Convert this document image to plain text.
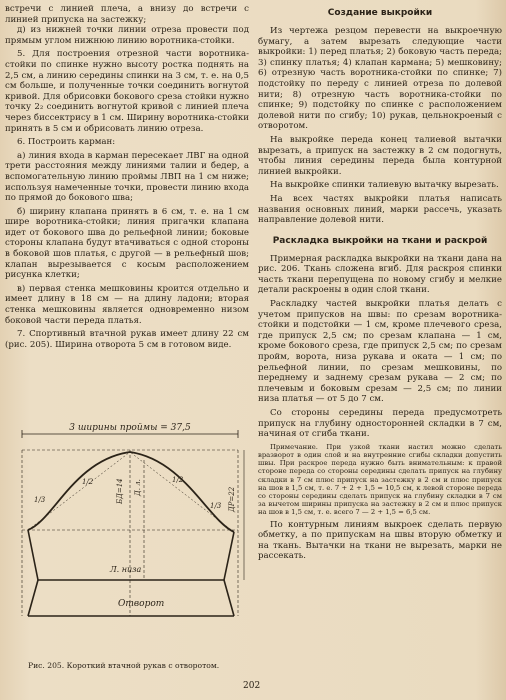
встречи с линией плеча, а внизу до встречи с линией припуска на застежку;

д) из нижней точки линии отреза провести под прямым углом нижнюю линию воротника-стойки.

5. Для построения отрезной части воротника-стойки по спинке нужно высоту ростка поднять на 2,5 см, а линию середины спинки на 3 см, т. е. на 0,5 см больше, и полученные точки соединить вогнутой кривой. Для обрисовки бокового среза стойки нужно точку 2₂ соединить вогнутой кривой с линией плеча через биссектрису в 1 см. Ширину воротника-стойки принять в 5 см и обрисовать линию отреза.

6. Построить карман:

а) линия входа в карман пересекает ЛВГ на одной трети расстояния между линиями талии и бедер, а вспомогательную линию проймы ЛВП на 1 см ниже; используя намеченные точки, провести линию входа по прямой до бокового шва;

б) ширину клапана принять в 6 см, т. е. на 1 см шире воротника-стойки; линия пригачки клапана идет от бокового шва до рельефной линии; боковые стороны клапана будут втачиваться с одной стороны в боковой шов платья, с другой — в рельефный шов; клапан вырезывается с косым расположением рисунка клетки;

в) первая стенка мешковины кроится отдельно и имеет длину в 18 см — на длину ладони; вторая стенка мешковины является одновременно низом боковой части переда платья.

7. Спортивный втачной рукав имеет длину 22 см (рис. 205). Ширина отворота 5 см в готовом виде.

3 ширины проймы = 37,5
Л. низа
Отворот
БД=14 Д. л.	ДР=22
1/3
1/3
1/2	1/2
Рис. 205. Короткий втачной рукав с отворотом.
Создание выкройки

Из чертежа резцом перевести на выкроечную бумагу, а затем вырезать следующие части выкройки: 1) перед платья; 2) боковую часть переда; 3) спинку платья; 4) клапан кармана; 5) мешковину; 6) отрезную часть воротника-стойки по спинке; 7) подстойку по переду с линией отреза по долевой нити; 8) отрезную часть воротника-стойки по спинке; 9) подстойку по спинке с расположением долевой нити по сгибу; 10) рукав, цельнокроеный с отворотом.

На выкройке переда конец талиевой вытачки вырезать, а припуск на застежку в 2 см подогнуть, чтобы линия середины переда была контурной линией выкройки.

На выкройке спинки талиевую вытачку вырезать.

На всех частях выкройки платья написать названия основных линий, марки рассечь, указать направление долевой нити.

Раскладка выкройки на ткани и раскрой

Примерная раскладка выкройки на ткани дана на рис. 206. Ткань сложена вгиб. Для раскроя спинки часть ткани перепущена по новому сгибу и мелкие детали раскроены в один слой ткани.

Раскладку частей выкройки платья делать с учетом припусков на швы: по срезам воротника-стойки и подстойки — 1 см, кроме плечевого среза, где припуск 2,5 см; по срезам клапана — 1 см, кроме бокового среза, где припуск 2,5 см; по срезам пройм, ворота, низа рукава и оката — 1 см; по рельефной линии, по срезам мешковины, по переднему и заднему срезам рукава — 2 см; по плечевым и боковым срезам — 2,5 см; по линии низа платья — от 5 до 7 см.

Со стороны середины переда предусмотреть припуск на глубину односторонней складки в 7 см, начиная от сгиба ткани.

Примечание. При узкой ткани настил можно сделать вразворот в один слой и на внутренние сгибы складки допустить швы. При раскрое переда нужно быть внимательным: к правой стороне переда со стороны середины сделать припуск на глубину складки в 7 см плюс припуск на застежку в 2 см и плюс припуск на шов в 1,5 см, т. е. 7 + 2 + 1,5 = 10,5 см, к левой стороне переда со стороны середины сделать припуск на глубину складки в 7 см за вычетом ширины припуска на застежку в 2 см и плюс припуск на шов в 1,5 см, т. е. всего 7 — 2 + 1,5 = 6,5 см.

По контурным линиям выкроек сделать первую обметку, а по припускам на швы вторую обметку и на ткань. Вытачки на ткани не вырезать, марки не рассекать.

202
